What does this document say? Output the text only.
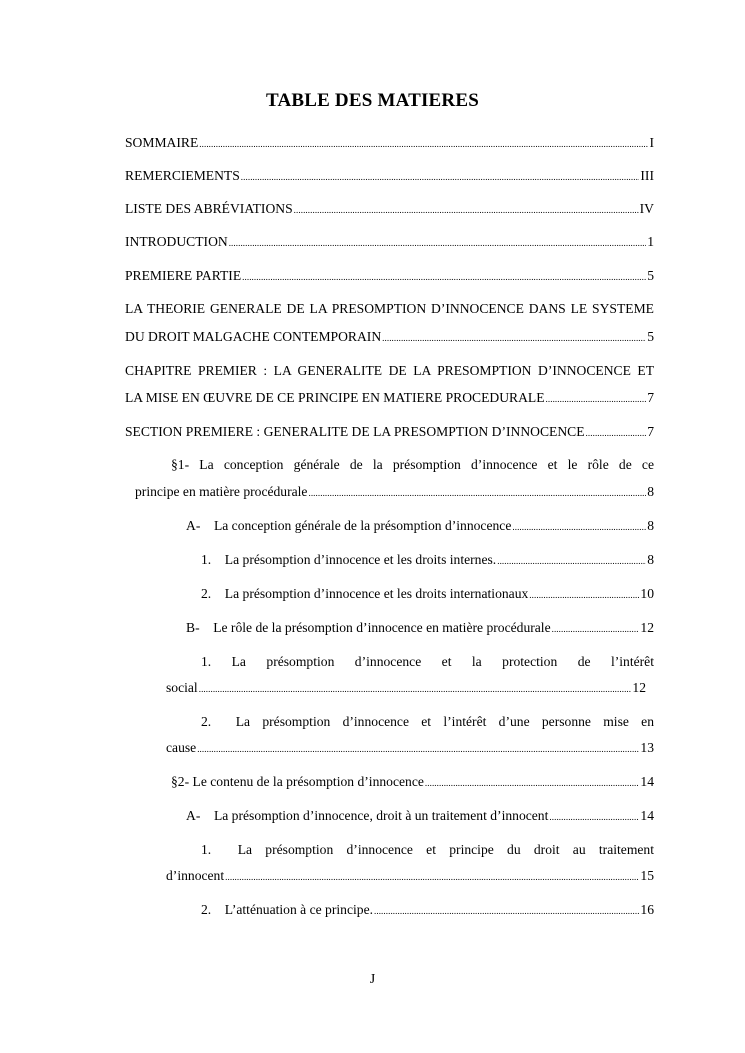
TABLE DES MATIERES
SOMMAIRE .....	I
REMERCIEMENTS .....	III
LISTE DES ABRÉVIATIONS .....	IV
INTRODUCTION .....	1
PREMIERE PARTIE .....	5
LA THEORIE GENERALE DE LA PRESOMPTION D’INNOCENCE DANS LE SYSTEME
DU DROIT MALGACHE CONTEMPORAIN .....	5
CHAPITRE PREMIER : LA GENERALITE DE LA PRESOMPTION D’INNOCENCE ET
LA MISE EN ŒUVRE DE CE PRINCIPE EN MATIERE PROCEDURALE .....	7
SECTION PREMIERE : GENERALITE DE LA PRESOMPTION D’INNOCENCE .....	7
§1- La conception générale de la présomption d’innocence et le rôle de ce
principe en matière procédurale .....	8
A-    La conception générale de la présomption d’innocence .....	8
1.    La présomption d’innocence et les droits internes. .....	8
2.    La présomption d’innocence et les droits internationaux .....	10
B-    Le rôle de la présomption d’innocence en matière procédurale .....	12
1.  La  présomption  d’innocence  et  la  protection  de  l’intérêt
social .....	12
2.  La présomption d’innocence et l’intérêt d’une personne mise en
cause .....	13
§2- Le contenu de la présomption d’innocence .....	14
A-    La présomption d’innocence, droit à un traitement d’innocent .....	14
1.  La présomption d’innocence et principe du droit au traitement
d’innocent .....	15
2.    L’atténuation à ce principe. .....	16
J
